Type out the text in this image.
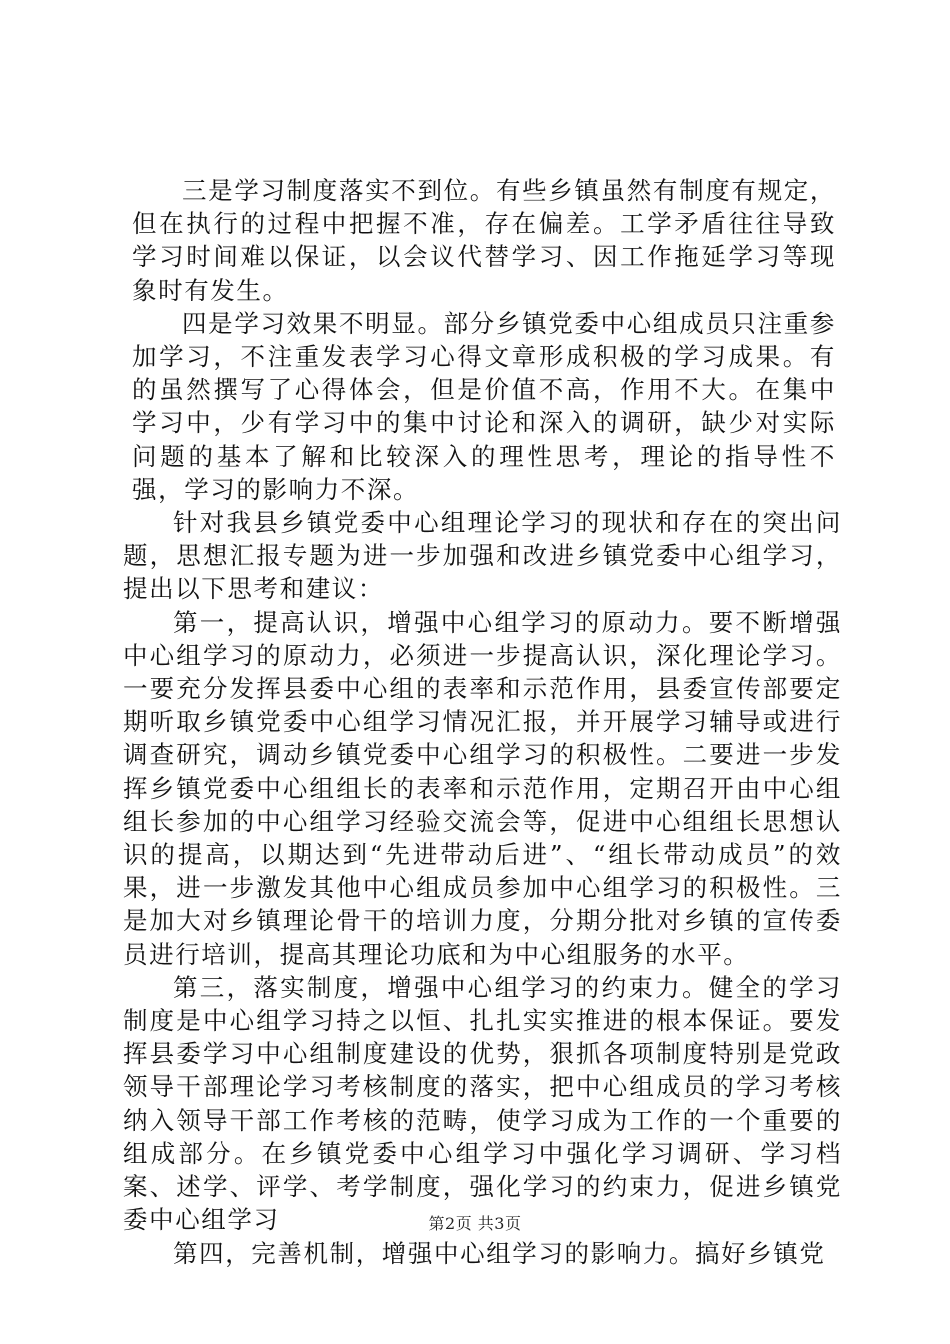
三是学习制度落实不到位。有些乡镇虽然有制度有规定，但在执行的过程中把握不准，存在偏差。工学矛盾往往导致学习时间难以保证，以会议代替学习、因工作拖延学习等现象时有发生。

四是学习效果不明显。部分乡镇党委中心组成员只注重参加学习，不注重发表学习心得文章形成积极的学习成果。有的虽然撰写了心得体会，但是价值不高，作用不大。在集中学习中，少有学习中的集中讨论和深入的调研，缺少对实际问题的基本了解和比较深入的理性思考，理论的指导性不强，学习的影响力不深。

针对我县乡镇党委中心组理论学习的现状和存在的突出问题，思想汇报专题为进一步加强和改进乡镇党委中心组学习，提出以下思考和建议：

第一，提高认识，增强中心组学习的原动力。要不断增强中心组学习的原动力，必须进一步提高认识，深化理论学习。一要充分发挥县委中心组的表率和示范作用，县委宣传部要定期听取乡镇党委中心组学习情况汇报，并开展学习辅导或进行调查研究，调动乡镇党委中心组学习的积极性。二要进一步发挥乡镇党委中心组组长的表率和示范作用，定期召开由中心组组长参加的中心组学习经验交流会等，促进中心组组长思想认识的提高，以期达到“先进带动后进”、“组长带动成员”的效果，进一步激发其他中心组成员参加中心组学习的积极性。三是加大对乡镇理论骨干的培训力度，分期分批对乡镇的宣传委员进行培训，提高其理论功底和为中心组服务的水平。

第三，落实制度，增强中心组学习的约束力。健全的学习制度是中心组学习持之以恒、扎扎实实推进的根本保证。要发挥县委学习中心组制度建设的优势，狠抓各项制度特别是党政领导干部理论学习考核制度的落实，把中心组成员的学习考核纳入领导干部工作考核的范畴，使学习成为工作的一个重要的组成部分。在乡镇党委中心组学习中强化学习调研、学习档案、述学、评学、考学制度，强化学习的约束力，促进乡镇党委中心组学习

第四，完善机制，增强中心组学习的影响力。搞好乡镇党

第2页 共3页
